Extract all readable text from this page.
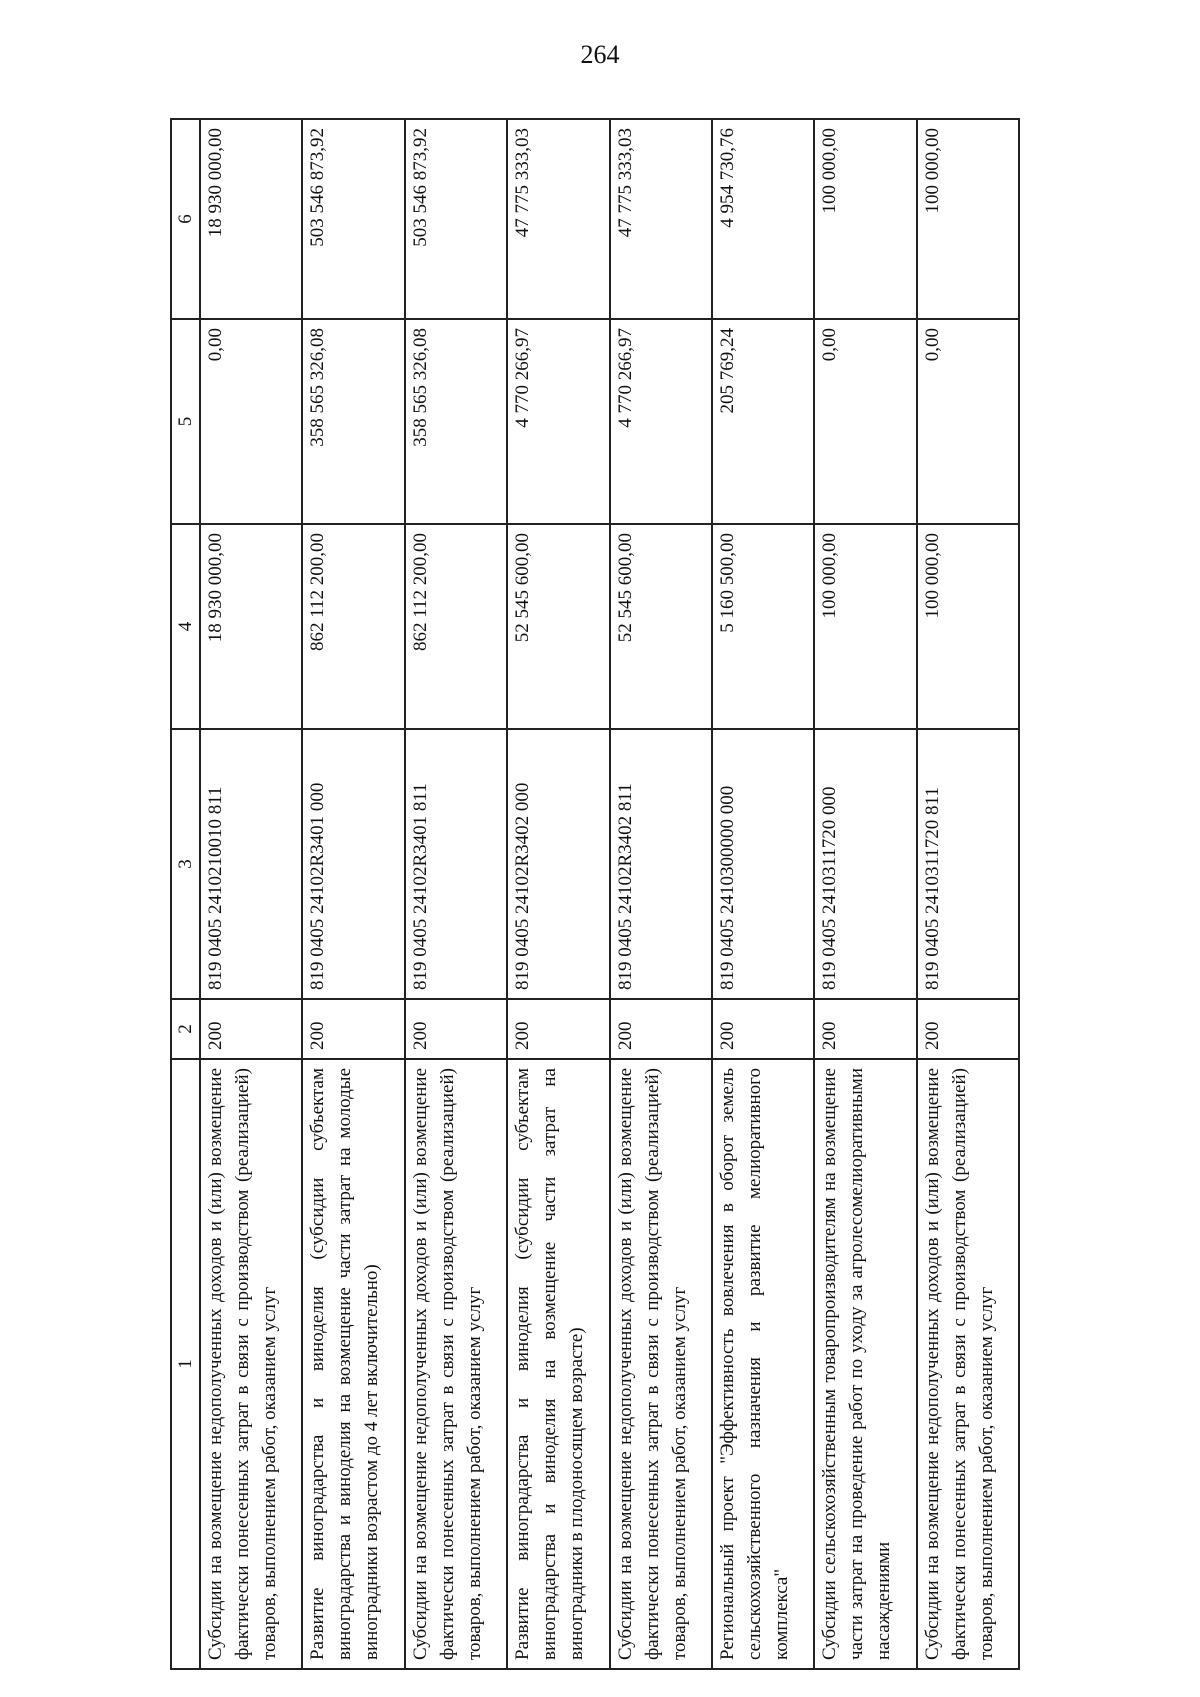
264
1	2	3	4	5	6
Субсидии на возмещение недополученных доходов и (или) возмещение фактически понесенных затрат в связи с производством (реализацией) товаров, выполнением работ, оказанием услуг	200	819 0405 2410210010 811	18 930 000,00	0,00	18 930 000,00
Развитие виноградарства и виноделия (субсидии субъектам виноградарства и виноделия на возмещение части затрат на молодые виноградники возрастом до 4 лет включительно)	200	819 0405 24102R3401 000	862 112 200,00	358 565 326,08	503 546 873,92
Субсидии на возмещение недополученных доходов и (или) возмещение фактически понесенных затрат в связи с производством (реализацией) товаров, выполнением работ, оказанием услуг	200	819 0405 24102R3401 811	862 112 200,00	358 565 326,08	503 546 873,92
Развитие виноградарства и виноделия (субсидии субъектам виноградарства и виноделия на возмещение части затрат на виноградники в плодоносящем возрасте)	200	819 0405 24102R3402 000	52 545 600,00	4 770 266,97	47 775 333,03
Субсидии на возмещение недополученных доходов и (или) возмещение фактически понесенных затрат в связи с производством (реализацией) товаров, выполнением работ, оказанием услуг	200	819 0405 24102R3402 811	52 545 600,00	4 770 266,97	47 775 333,03
Региональный проект "Эффективность вовлечения в оборот земель сельскохозяйственного назначения и развитие мелиоративного комплекса"	200	819 0405 2410300000 000	5 160 500,00	205 769,24	4 954 730,76
Субсидии сельскохозяйственным товаропроизводителям на возмещение части затрат на проведение работ по уходу за агролесомелиоративными насаждениями	200	819 0405 2410311720 000	100 000,00	0,00	100 000,00
Субсидии на возмещение недополученных доходов и (или) возмещение фактически понесенных затрат в связи с производством (реализацией) товаров, выполнением работ, оказанием услуг	200	819 0405 2410311720 811	100 000,00	0,00	100 000,00
